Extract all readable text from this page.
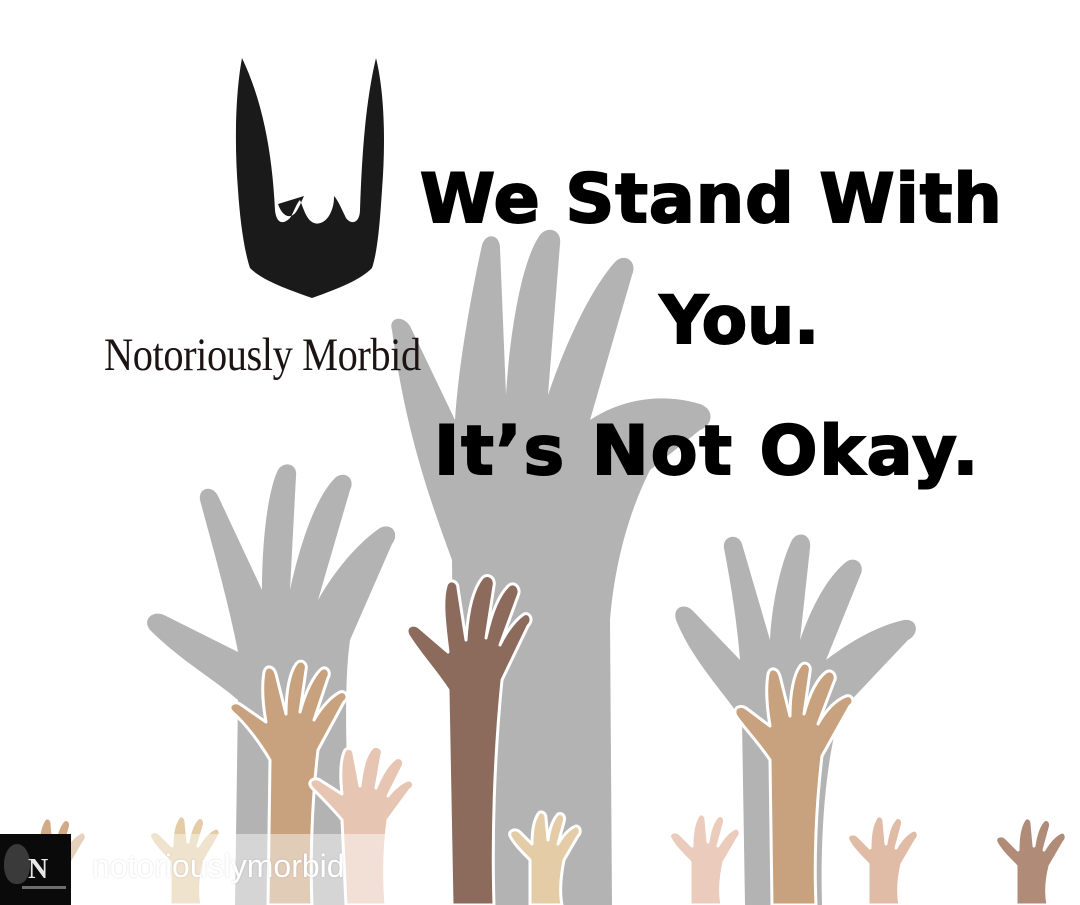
Notoriously Morbid
We Stand With
You.
It’s Not Okay.
N notoriouslymorbid
